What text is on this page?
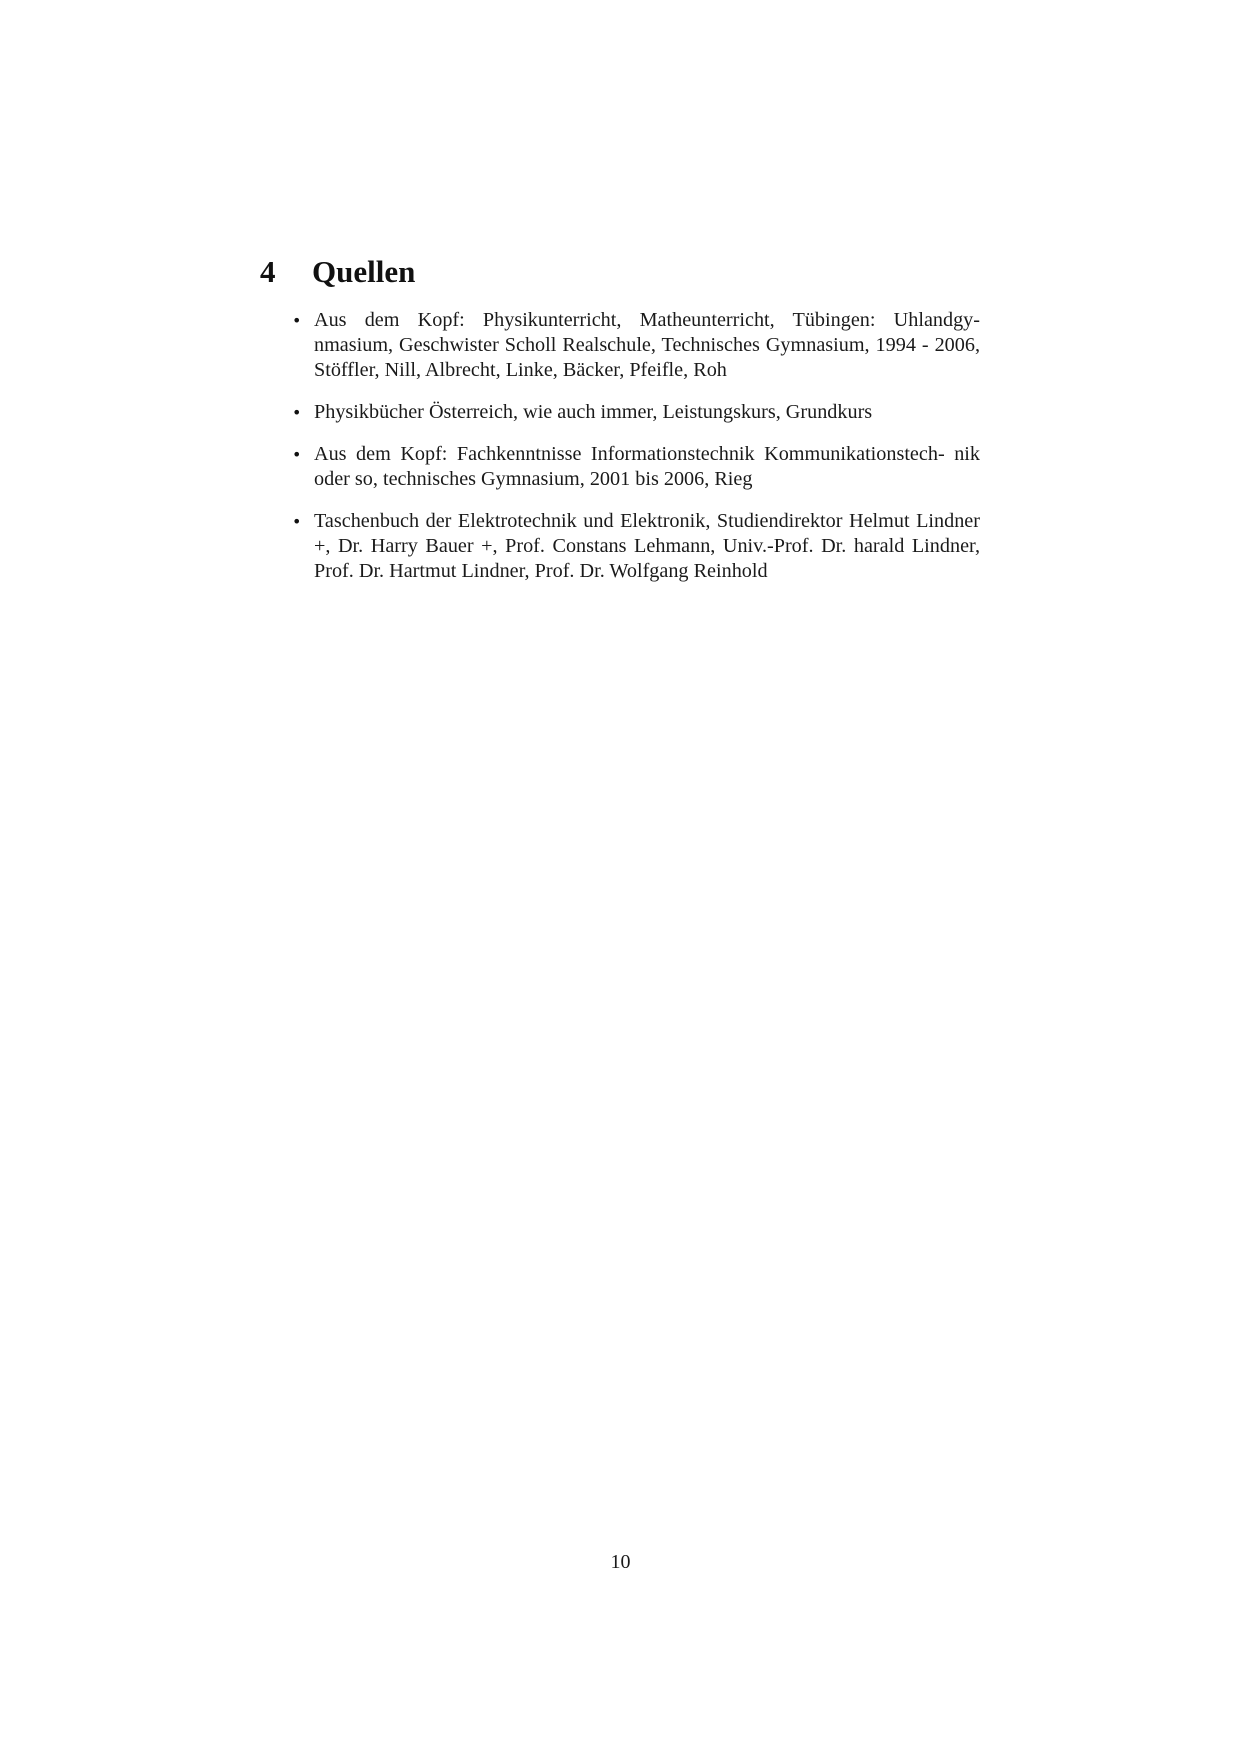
4 Quellen
• Aus dem Kopf: Physikunterricht, Matheunterricht, Tübingen: Uhlandgy- nmasium, Geschwister Scholl Realschule, Technisches Gymnasium, 1994 - 2006, Stöffler, Nill, Albrecht, Linke, Bäcker, Pfeifle, Roh
• Physikbücher Österreich, wie auch immer, Leistungskurs, Grundkurs
• Aus dem Kopf: Fachkenntnisse Informationstechnik Kommunikationstech- nik oder so, technisches Gymnasium, 2001 bis 2006, Rieg
• Taschenbuch der Elektrotechnik und Elektronik, Studiendirektor Helmut Lindner +, Dr. Harry Bauer +, Prof. Constans Lehmann, Univ.-Prof. Dr. harald Lindner, Prof. Dr. Hartmut Lindner, Prof. Dr. Wolfgang Reinhold
10
